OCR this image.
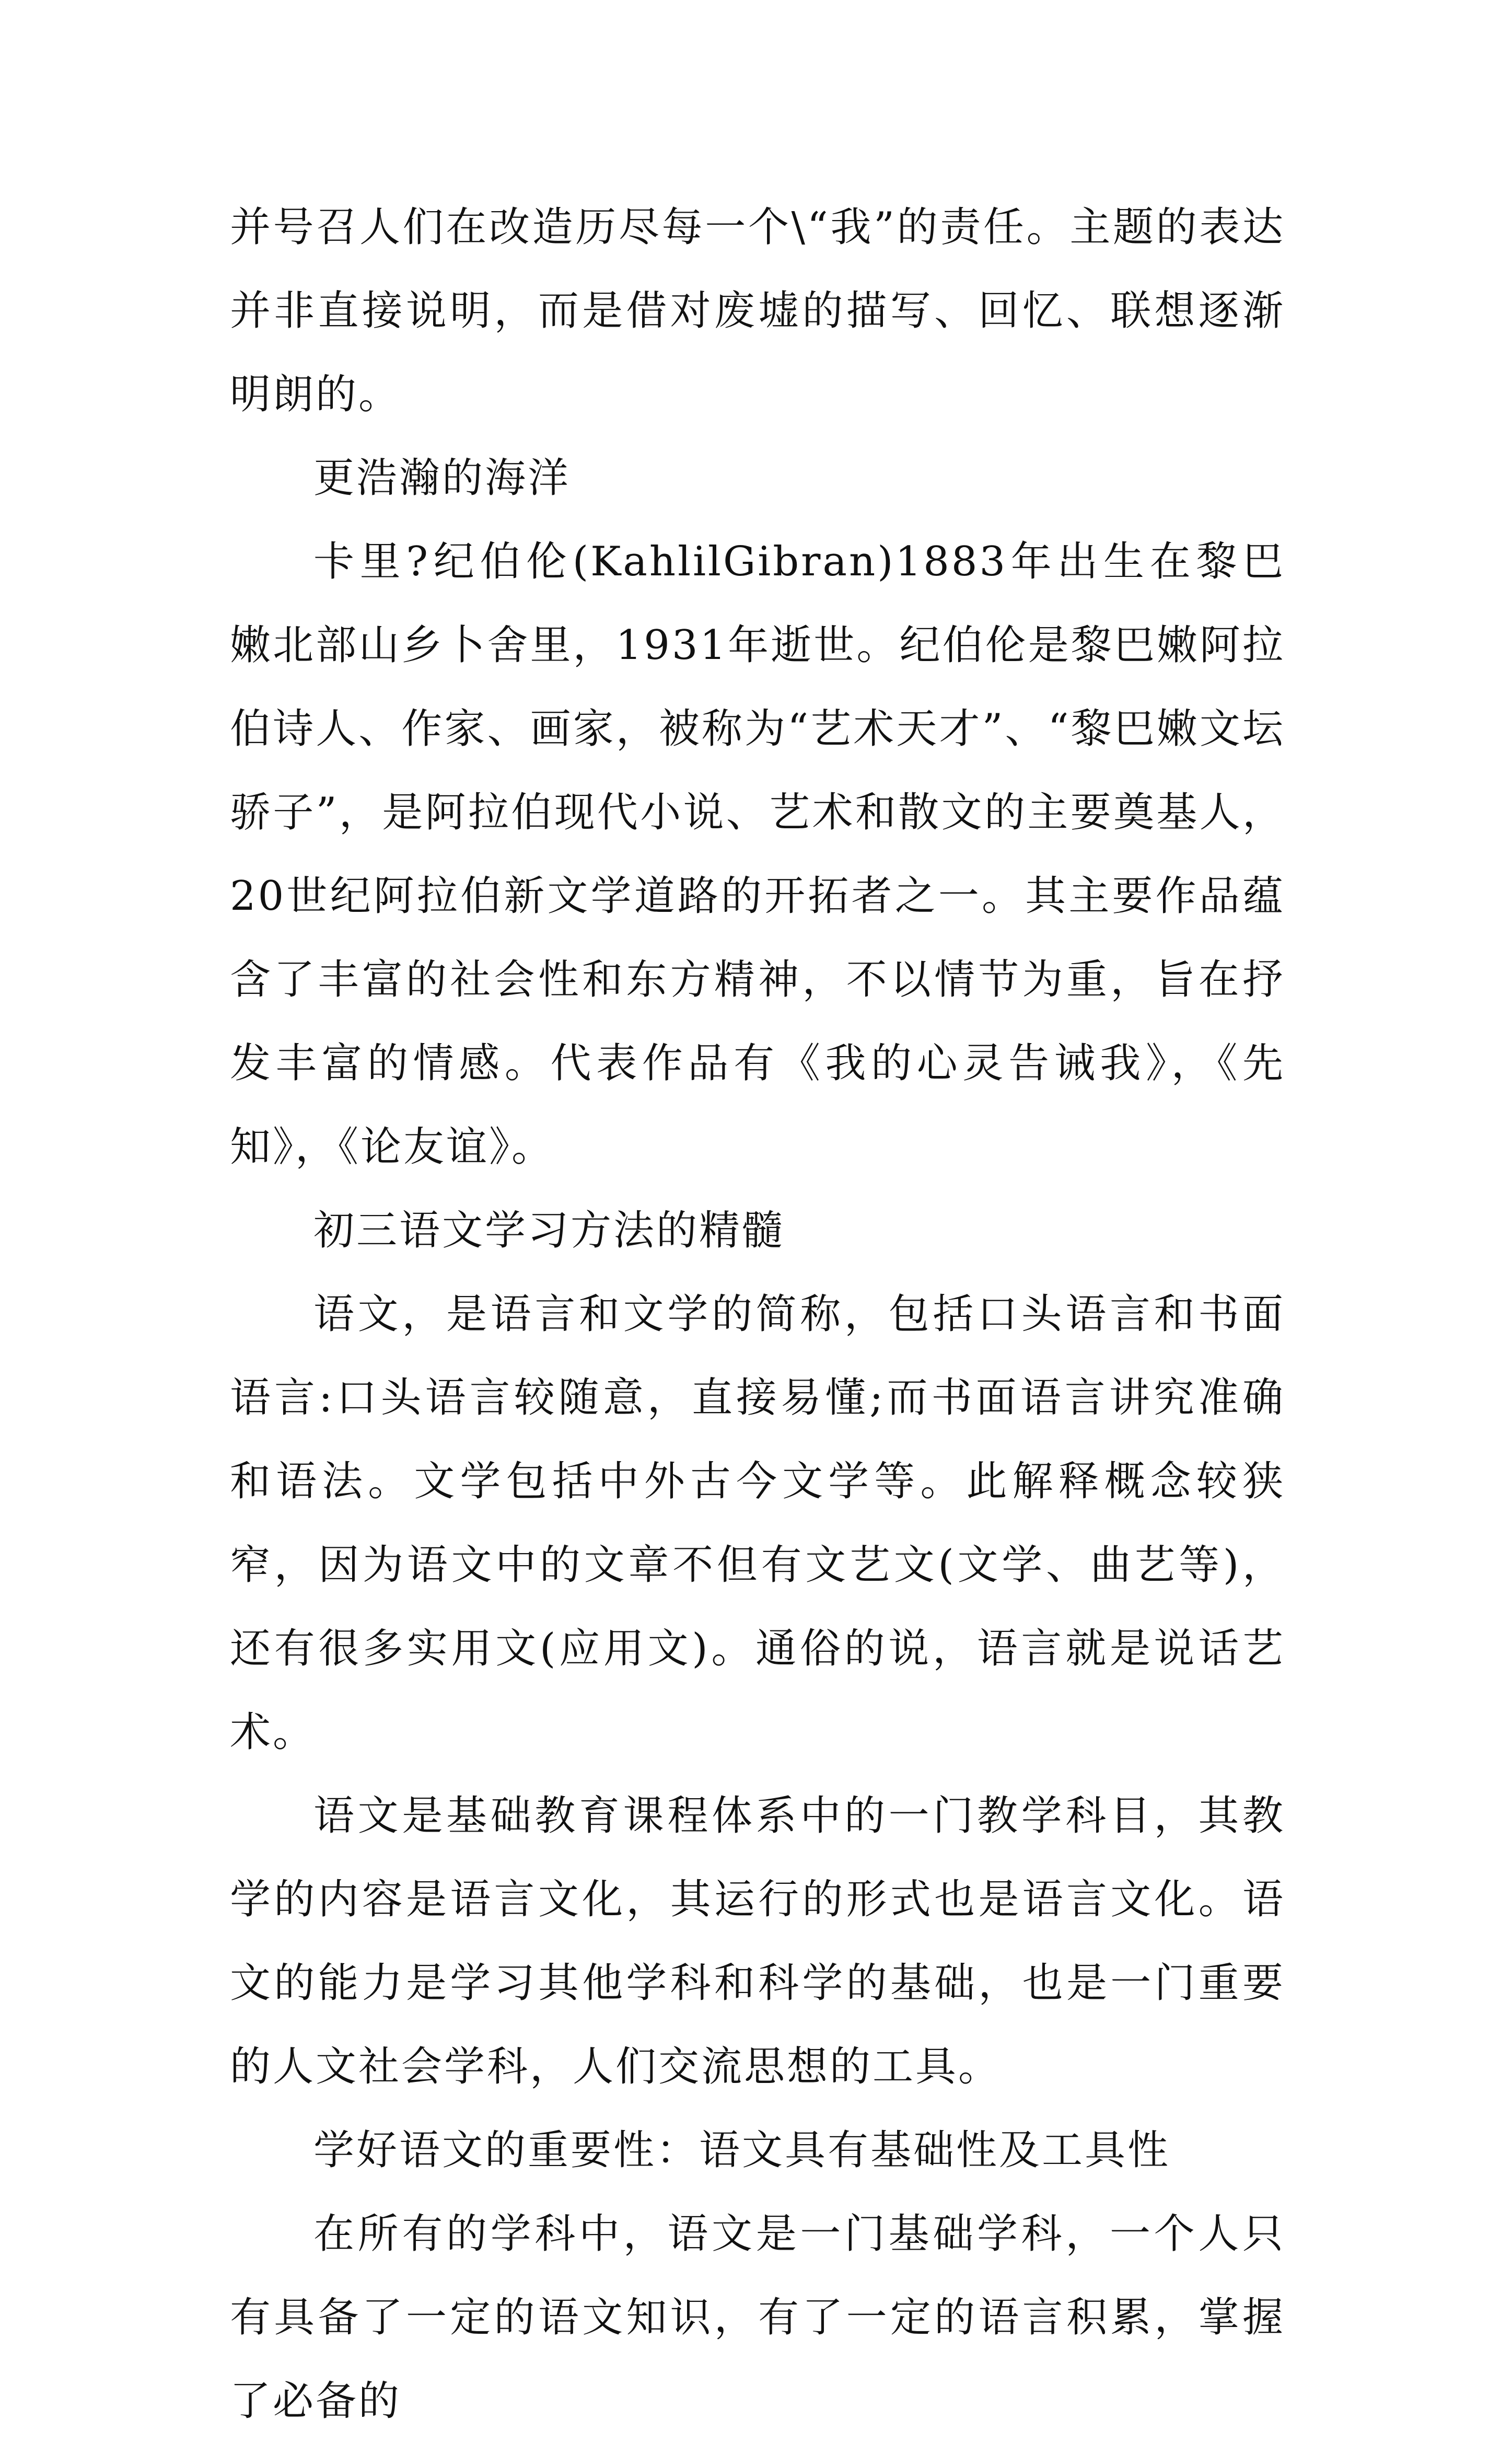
并号召人们在改造历尽每一个\“我”的责任。主题的表达并非直接说明，而是借对废墟的描写、回忆、联想逐渐明朗的。

更浩瀚的海洋

卡里?纪伯伦(KahlilGibran)1883年出生在黎巴嫩北部山乡卜舍里，1931年逝世。纪伯伦是黎巴嫩阿拉伯诗人、作家、画家，被称为“艺术天才”、“黎巴嫩文坛骄子”，是阿拉伯现代小说、艺术和散文的主要奠基人，20世纪阿拉伯新文学道路的开拓者之一。其主要作品蕴含了丰富的社会性和东方精神，不以情节为重，旨在抒发丰富的情感。代表作品有《我的心灵告诫我》，《先知》，《论友谊》。

初三语文学习方法的精髓

语文，是语言和文学的简称，包括口头语言和书面语言:口头语言较随意，直接易懂;而书面语言讲究准确和语法。文学包括中外古今文学等。此解释概念较狭窄，因为语文中的文章不但有文艺文(文学、曲艺等)，还有很多实用文(应用文)。通俗的说，语言就是说话艺术。

语文是基础教育课程体系中的一门教学科目，其教学的内容是语言文化，其运行的形式也是语言文化。语文的能力是学习其他学科和科学的基础，也是一门重要的人文社会学科，人们交流思想的工具。

学好语文的重要性：语文具有基础性及工具性

在所有的学科中，语文是一门基础学科，一个人只有具备了一定的语文知识，有了一定的语言积累，掌握了必备的
